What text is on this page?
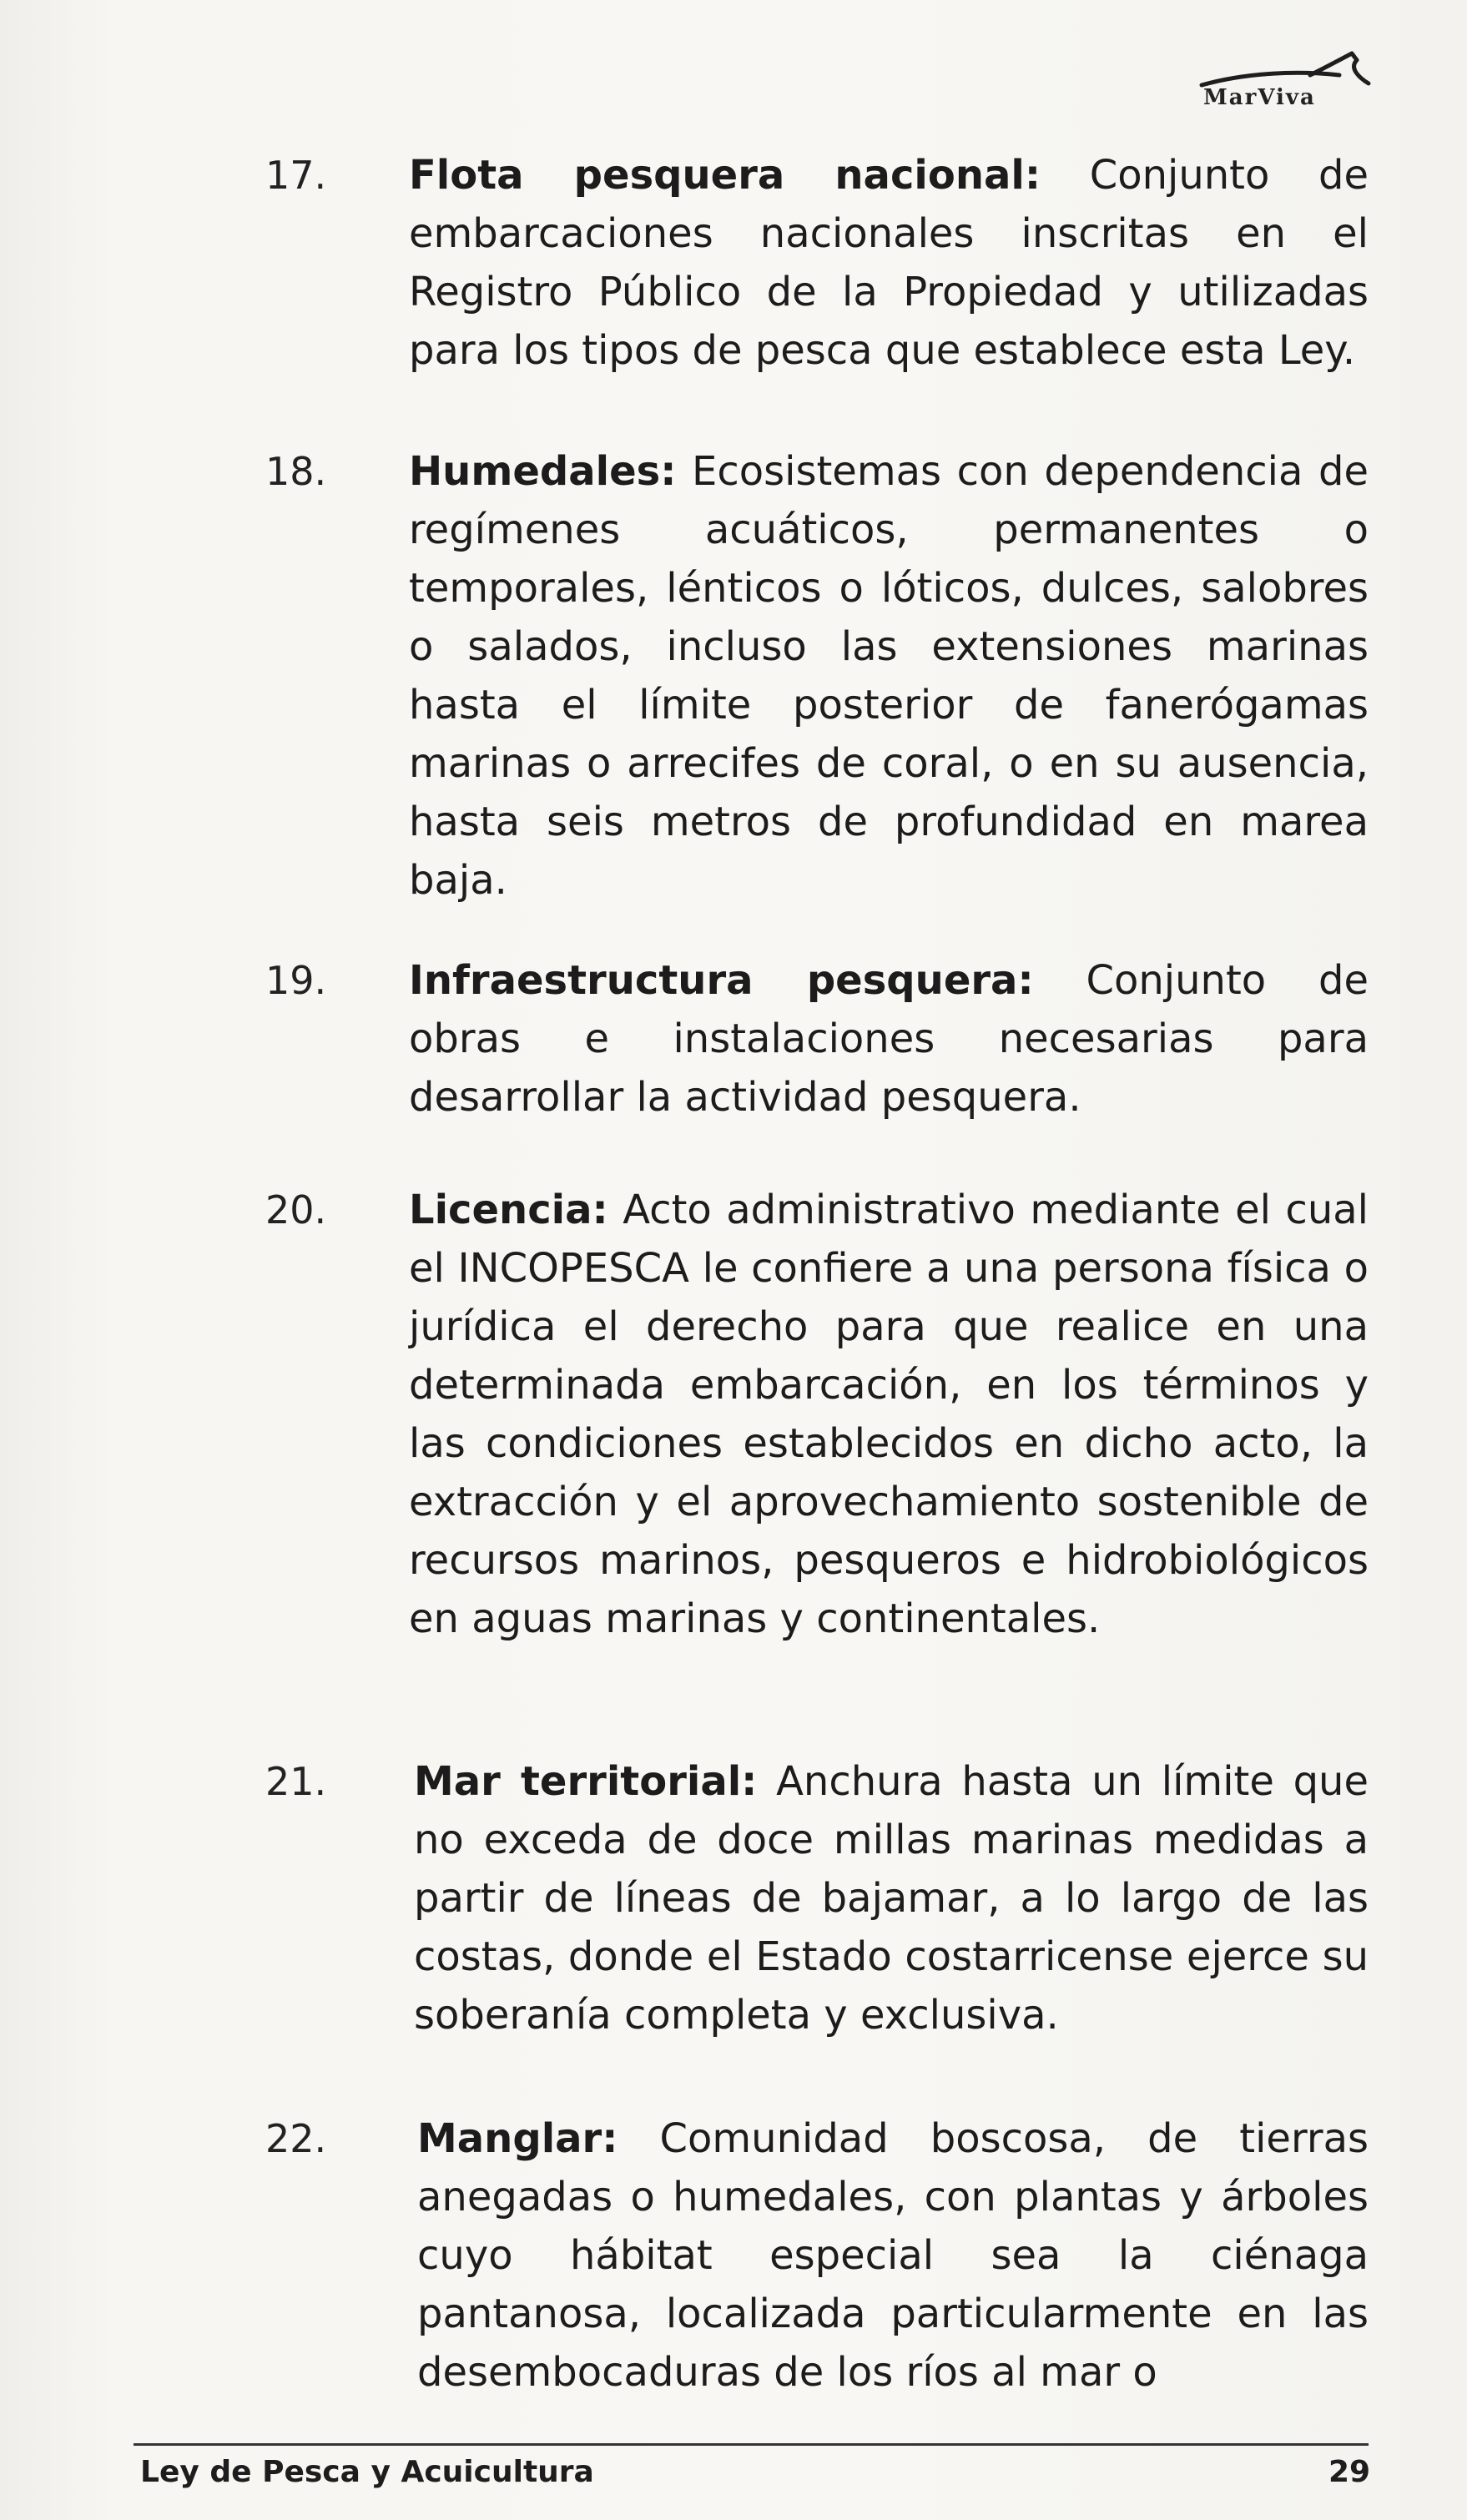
MarViva
17. Flota pesquera nacional: Conjunto de embarcaciones nacionales inscritas en el Registro Público de la Propiedad y utilizadas para los tipos de pesca que establece esta Ley.
18. Humedales: Ecosistemas con dependencia de regímenes acuáticos, permanentes o temporales, lénticos o lóticos, dulces, salobres o salados, incluso las extensiones marinas hasta el límite posterior de fanerógamas marinas o arrecifes de coral, o en su ausencia, hasta seis metros de profundidad en marea baja.
19. Infraestructura pesquera: Conjunto de obras e instalaciones necesarias para desarrollar la actividad pesquera.
20. Licencia: Acto administrativo mediante el cual el INCOPESCA le confiere a una persona física o jurídica el derecho para que realice en una determinada embarcación, en los términos y las condiciones establecidos en dicho acto, la extracción y el aprovechamiento sostenible de recursos marinos, pesqueros e hidrobiológicos en aguas marinas y continentales.
21. Mar territorial: Anchura hasta un límite que no exceda de doce millas marinas medidas a partir de líneas de bajamar, a lo largo de las costas, donde el Estado costarricense ejerce su soberanía completa y exclusiva.
22. Manglar: Comunidad boscosa, de tierras anegadas o humedales, con plantas y árboles cuyo hábitat especial sea la ciénaga pantanosa, localizada particularmente en las desembocaduras de los ríos al mar o
Ley de Pesca y Acuicultura	29
